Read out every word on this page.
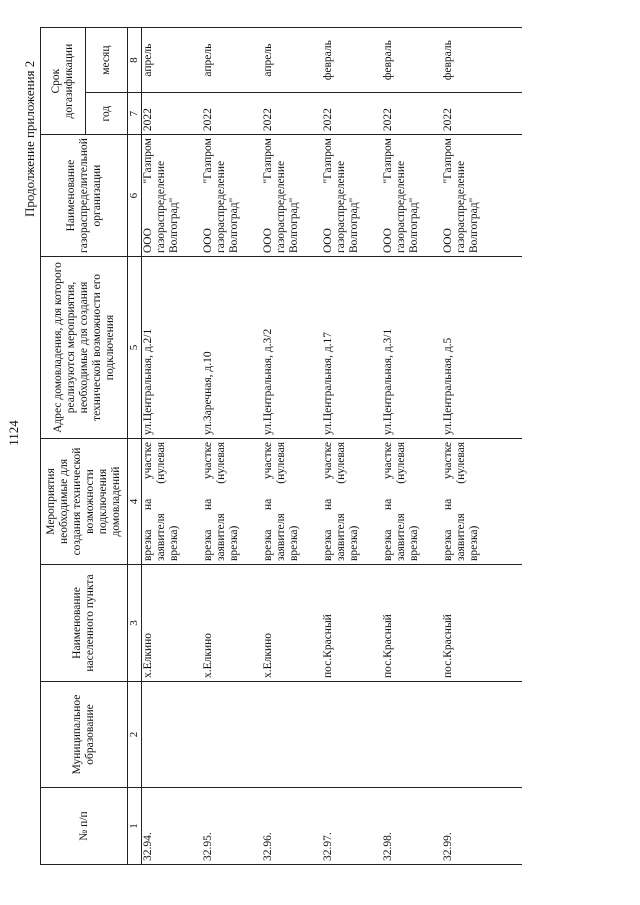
1124
Продолжение приложения 2
№ п/п	Муниципальное образование	Наименование населенного пункта	Мероприятия необходимые для создания технической возможности подключения домовладений	Адрес домовладения, для которого реализуются мероприятия, необходимые для создания технической возможности его подключения	Наименование газораспределительной организации	Срок догазификации	
						год	месяц
1	2	3	4	5	6	7	8
32.94.		х.Елкино	врезка на участке заявителя (нулевая врезка)	ул.Центральная, д.2/1	ООО "Газпром газораспределение Волгоград"	2022	апрель
32.95.		х.Елкино	врезка на участке заявителя (нулевая врезка)	ул.Заречная, д.10	ООО "Газпром газораспределение Волгоград"	2022	апрель
32.96.		х.Елкино	врезка на участке заявителя (нулевая врезка)	ул.Центральная, д.3/2	ООО "Газпром газораспределение Волгоград"	2022	апрель
32.97.		пос.Красный	врезка на участке заявителя (нулевая врезка)	ул.Центральная, д.17	ООО "Газпром газораспределение Волгоград"	2022	февраль
32.98.		пос.Красный	врезка на участке заявителя (нулевая врезка)	ул.Центральная, д.3/1	ООО "Газпром газораспределение Волгоград"	2022	февраль
32.99.		пос.Красный	врезка на участке заявителя (нулевая врезка)	ул.Центральная, д.5	ООО "Газпром газораспределение Волгоград"	2022	февраль
